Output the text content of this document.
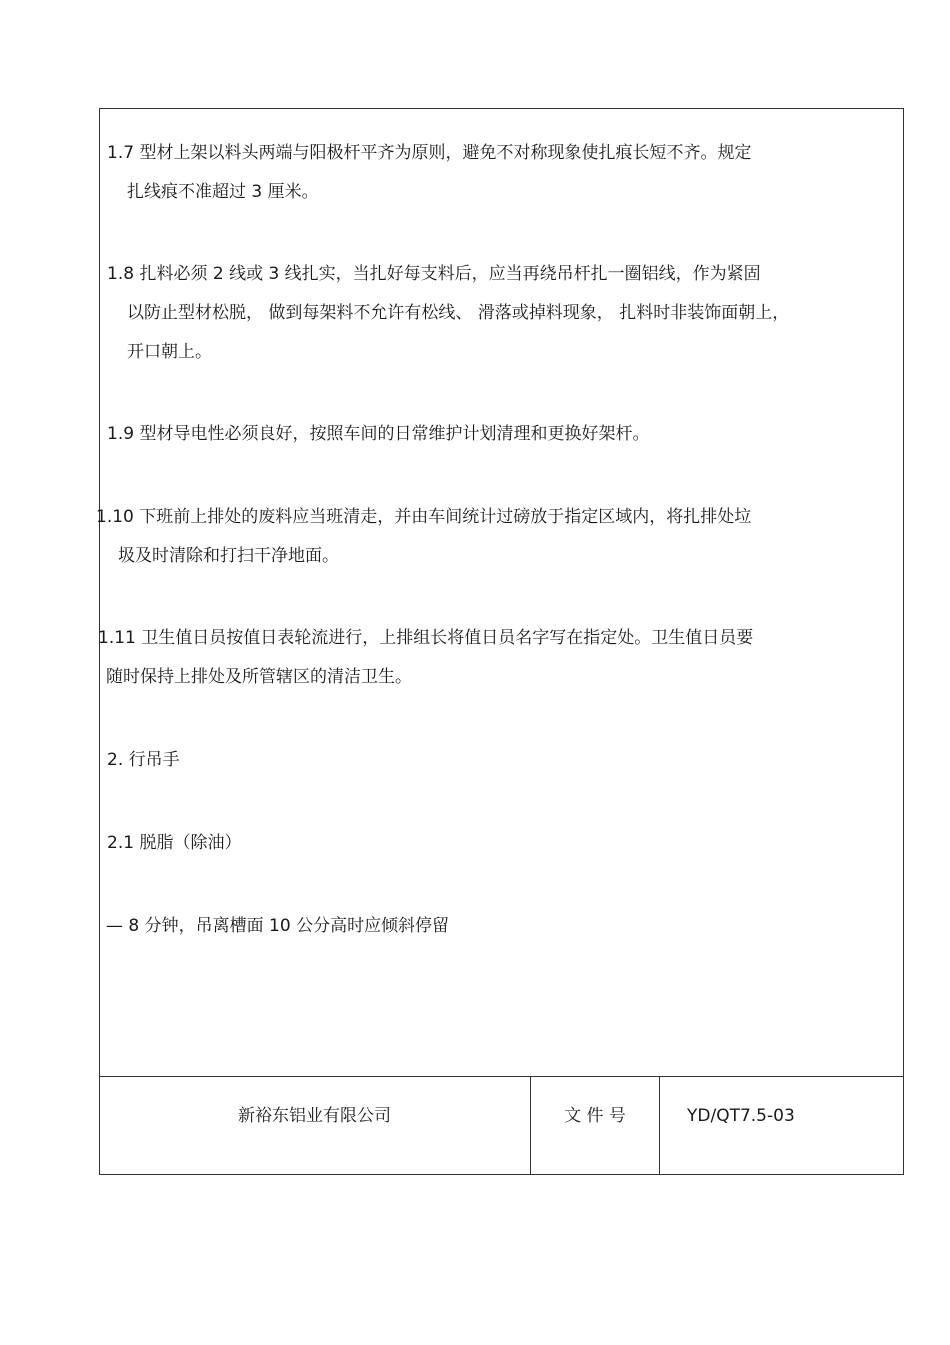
1.7 型材上架以料头两端与阳极杆平齐为原则，避免不对称现象使扎痕长短不齐。规定
扎线痕不准超过 3 厘米。
1.8 扎料必须 2 线或 3 线扎实，当扎好每支料后，应当再绕吊杆扎一圈铝线，作为紧固
以防止型材松脱， 做到每架料不允许有松线、 滑落或掉料现象， 扎料时非装饰面朝上，
开口朝上。
1.9 型材导电性必须良好，按照车间的日常维护计划清理和更换好架杆。
1.10 下班前上排处的废料应当班清走，并由车间统计过磅放于指定区域内，将扎排处垃
圾及时清除和打扫干净地面。
1.11 卫生值日员按值日表轮流进行，上排组长将值日员名字写在指定处。卫生值日员要
随时保持上排处及所管辖区的清洁卫生。
2. 行吊手
2.1 脱脂（除油）
— 8 分钟，吊离槽面 10 公分高时应倾斜停留
新裕东铝业有限公司	文 件 号	YD/QT7.5-03
